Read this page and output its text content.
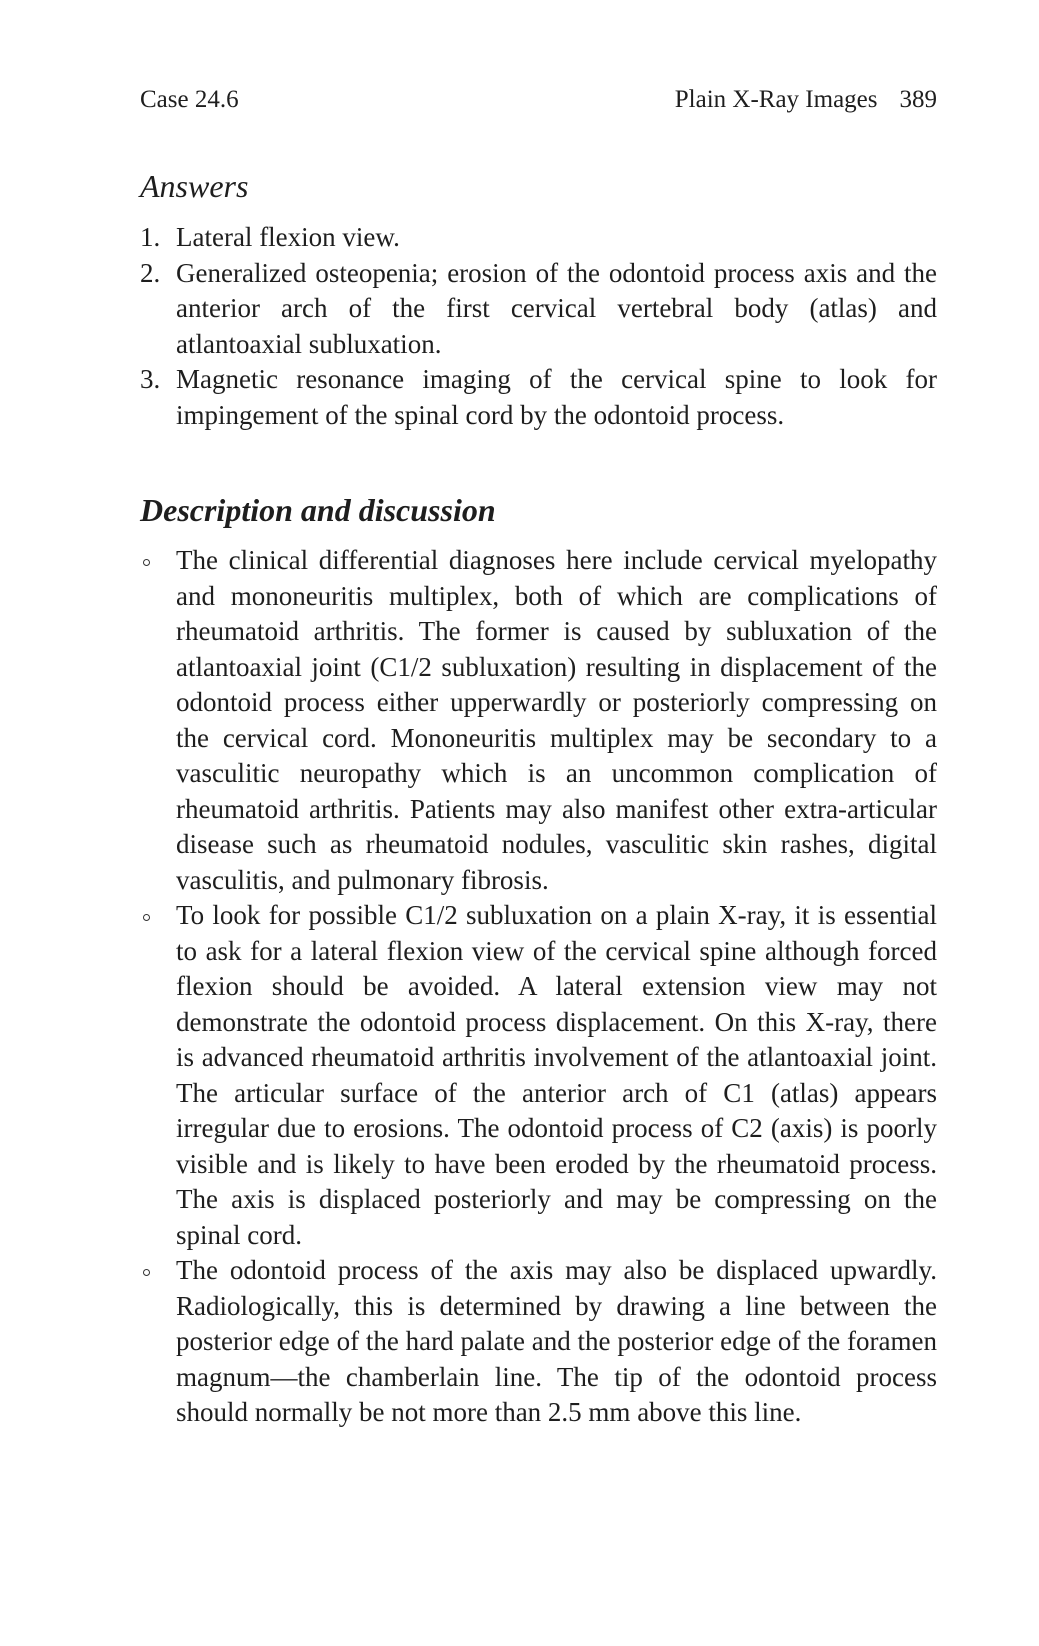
Case 24.6	Plain X-Ray Images 389
Answers
1. Lateral flexion view.
2. Generalized osteopenia; erosion of the odontoid process axis and the anterior arch of the first cervical vertebral body (atlas) and atlantoaxial subluxation.
3. Magnetic resonance imaging of the cervical spine to look for impingement of the spinal cord by the odontoid process.
Description and discussion
The clinical differential diagnoses here include cervical myelopathy and mononeuritis multiplex, both of which are complications of rheumatoid arthritis. The former is caused by subluxation of the atlantoaxial joint (C1/2 subluxation) resulting in displacement of the odontoid process either upperwardly or posteriorly compressing on the cervical cord. Mononeuritis multiplex may be secondary to a vasculitic neuropathy which is an uncommon complication of rheumatoid arthritis. Patients may also manifest other extra-articular disease such as rheumatoid nodules, vasculitic skin rashes, digital vasculitis, and pulmonary fibrosis.
To look for possible C1/2 subluxation on a plain X-ray, it is essential to ask for a lateral flexion view of the cervical spine although forced flexion should be avoided. A lateral extension view may not demonstrate the odontoid process displacement. On this X-ray, there is advanced rheumatoid arthritis involvement of the atlantoaxial joint. The articular surface of the anterior arch of C1 (atlas) appears irregular due to erosions. The odontoid process of C2 (axis) is poorly visible and is likely to have been eroded by the rheumatoid process. The axis is displaced posteriorly and may be compressing on the spinal cord.
The odontoid process of the axis may also be displaced upwardly. Radiologically, this is determined by drawing a line between the posterior edge of the hard palate and the posterior edge of the foramen magnum—the chamberlain line. The tip of the odontoid process should normally be not more than 2.5 mm above this line.
